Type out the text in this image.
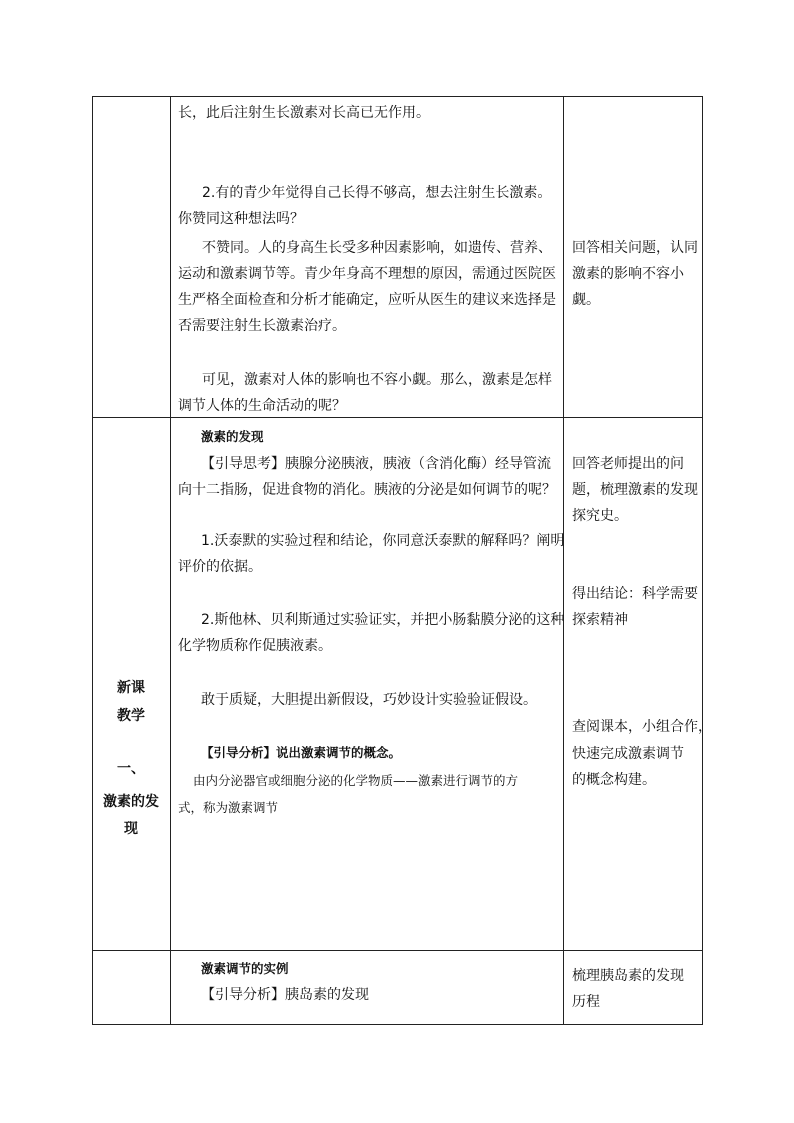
长，此后注射生长激素对长高已无作用。
2.有的青少年觉得自己长得不够高，想去注射生长激素。
你赞同这种想法吗？
不赞同。人的身高生长受多种因素影响，如遗传、营养、
运动和激素调节等。青少年身高不理想的原因，需通过医院医
生严格全面检查和分析才能确定，应听从医生的建议来选择是
否需要注射生长激素治疗。
可见，激素对人体的影响也不容小觑。那么，激素是怎样
调节人体的生命活动的呢？
回答相关问题，认同
激素的影响不容小
觑。
新课
教学
一、
激素的发
现
激素的发现
【引导思考】胰腺分泌胰液，胰液（含消化酶）经导管流
向十二指肠，促进食物的消化。胰液的分泌是如何调节的呢？
1.沃泰默的实验过程和结论，你同意沃泰默的解释吗？阐明
评价的依据。
2.斯他林、贝利斯通过实验证实，并把小肠黏膜分泌的这种
化学物质称作促胰液素。
敢于质疑，大胆提出新假设，巧妙设计实验验证假设。
【引导分析】说出激素调节的概念。
由内分泌器官或细胞分泌的化学物质——激素进行调节的方
式，称为激素调节
回答老师提出的问
题，梳理激素的发现
探究史。
得出结论：科学需要
探索精神
查阅课本，小组合作，
快速完成激素调节
的概念构建。
激素调节的实例
【引导分析】胰岛素的发现
梳理胰岛素的发现
历程
